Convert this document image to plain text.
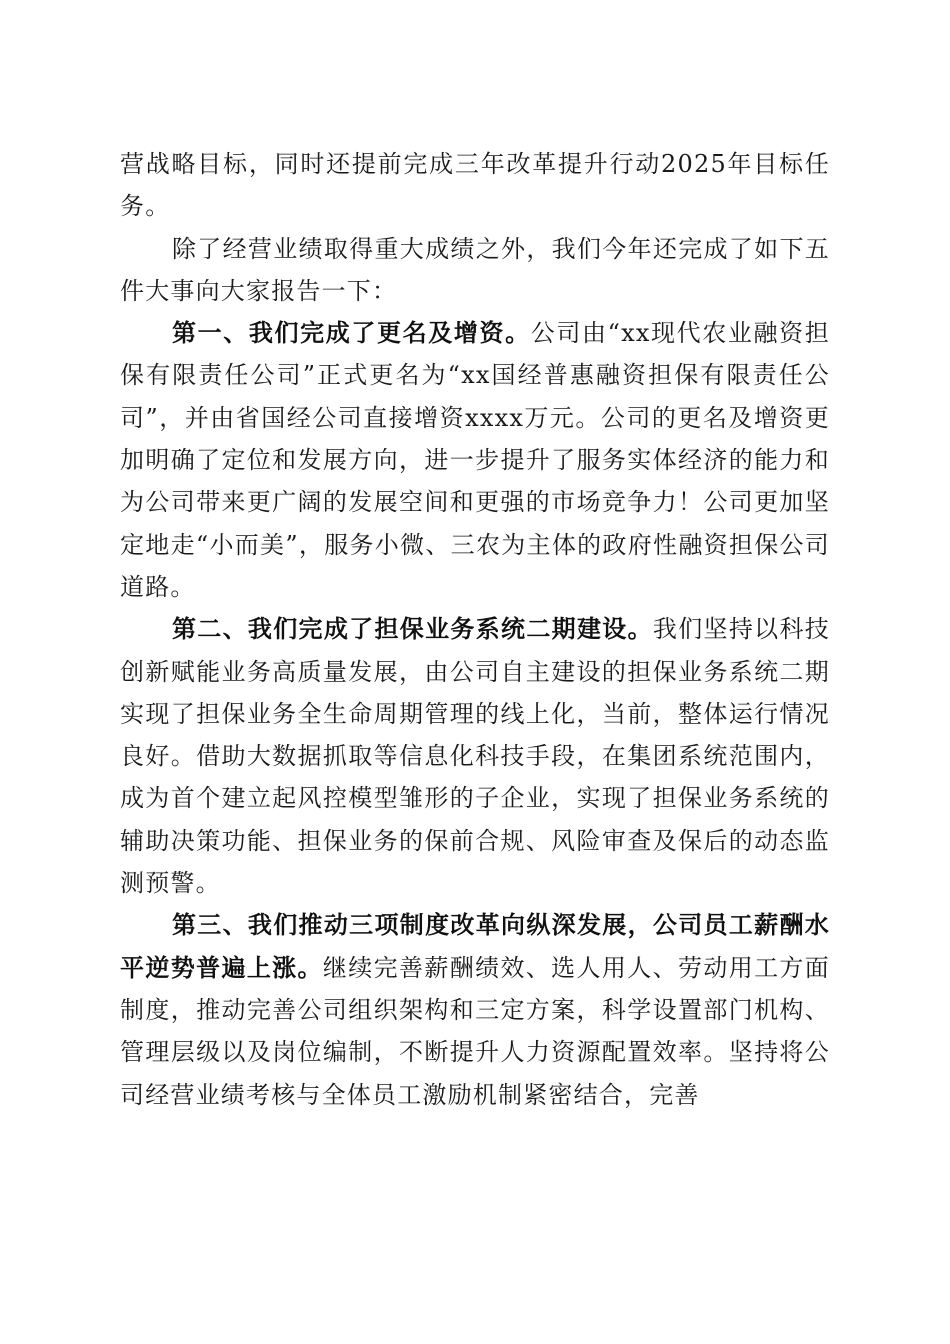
营战略目标，同时还提前完成三年改革提升行动2025年目标任务。

除了经营业绩取得重大成绩之外，我们今年还完成了如下五件大事向大家报告一下：

第一、我们完成了更名及增资。公司由“xx现代农业融资担保有限责任公司”正式更名为“xx国经普惠融资担保有限责任公司”，并由省国经公司直接增资xxxx万元。公司的更名及增资更加明确了定位和发展方向，进一步提升了服务实体经济的能力和为公司带来更广阔的发展空间和更强的市场竞争力！公司更加坚定地走“小而美”，服务小微、三农为主体的政府性融资担保公司道路。

第二、我们完成了担保业务系统二期建设。我们坚持以科技创新赋能业务高质量发展，由公司自主建设的担保业务系统二期实现了担保业务全生命周期管理的线上化，当前，整体运行情况良好。借助大数据抓取等信息化科技手段，在集团系统范围内，成为首个建立起风控模型雏形的子企业，实现了担保业务系统的辅助决策功能、担保业务的保前合规、风险审查及保后的动态监测预警。

第三、我们推动三项制度改革向纵深发展，公司员工薪酬水平逆势普遍上涨。继续完善薪酬绩效、选人用人、劳动用工方面制度，推动完善公司组织架构和三定方案，科学设置部门机构、管理层级以及岗位编制，不断提升人力资源配置效率。坚持将公司经营业绩考核与全体员工激励机制紧密结合，完善
